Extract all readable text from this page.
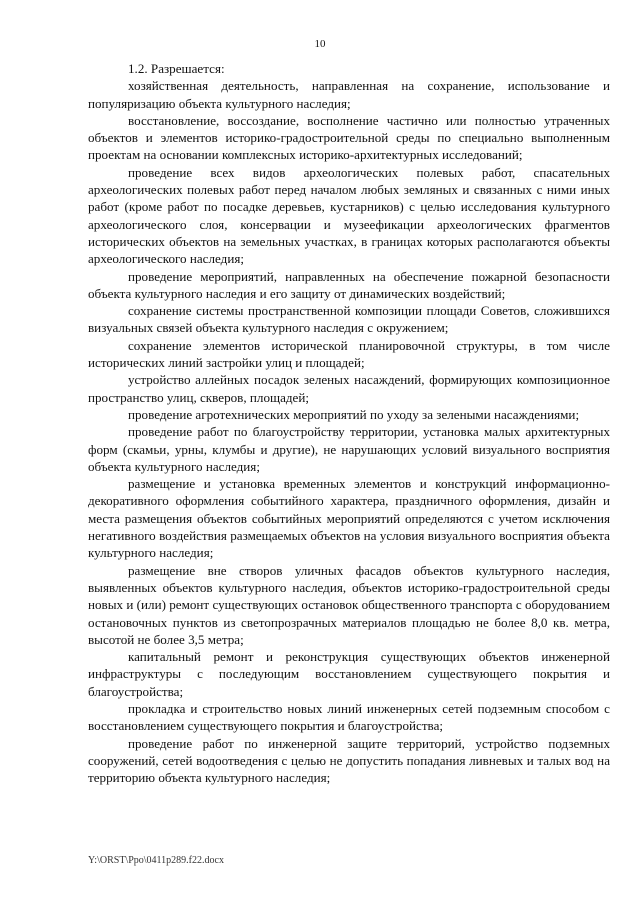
10

1.2. Разрешается:

хозяйственная деятельность, направленная на сохранение, использование и популяризацию объекта культурного наследия;

восстановление, воссоздание, восполнение частично или полностью утраченных объектов и элементов историко-градостроительной среды по специально выполненным проектам на основании комплексных историко-архитектурных исследований;

проведение всех видов археологических полевых работ, спасательных археологических полевых работ перед началом любых земляных и связанных с ними иных работ (кроме работ по посадке деревьев, кустарников) с целью исследования культурного археологического слоя, консервации и музеефикации археологических фрагментов исторических объектов на земельных участках, в границах которых располагаются объекты археологического наследия;

проведение мероприятий, направленных на обеспечение пожарной безопасности объекта культурного наследия и его защиту от динамических воздействий;

сохранение системы пространственной композиции площади Советов, сложившихся визуальных связей объекта культурного наследия с окружением;

сохранение элементов исторической планировочной структуры, в том числе исторических линий застройки улиц и площадей;

устройство аллейных посадок зеленых насаждений, формирующих композиционное пространство улиц, скверов, площадей;

проведение агротехнических мероприятий по уходу за зелеными насаждениями;

проведение работ по благоустройству территории, установка малых архитектурных форм (скамьи, урны, клумбы и другие), не нарушающих условий визуального восприятия объекта культурного наследия;

размещение и установка временных элементов и конструкций информационно-декоративного оформления событийного характера, праздничного оформления, дизайн и места размещения объектов событийных мероприятий определяются с учетом исключения негативного воздействия размещаемых объектов на условия визуального восприятия объекта культурного наследия;

размещение вне створов уличных фасадов объектов культурного наследия, выявленных объектов культурного наследия, объектов историко-градостроительной среды новых и (или) ремонт существующих остановок общественного транспорта с оборудованием остановочных пунктов из светопрозрачных материалов площадью не более 8,0 кв. метра, высотой не более 3,5 метра;

капитальный ремонт и реконструкция существующих объектов инженерной инфраструктуры с последующим восстановлением существующего покрытия и благоустройства;

прокладка и строительство новых линий инженерных сетей подземным способом с восстановлением существующего покрытия и благоустройства;

проведение работ по инженерной защите территорий, устройство подземных сооружений, сетей водоотведения с целью не допустить попадания ливневых и талых вод на территорию объекта культурного наследия;

Y:\ORST\Ppo\0411p289.f22.docx
